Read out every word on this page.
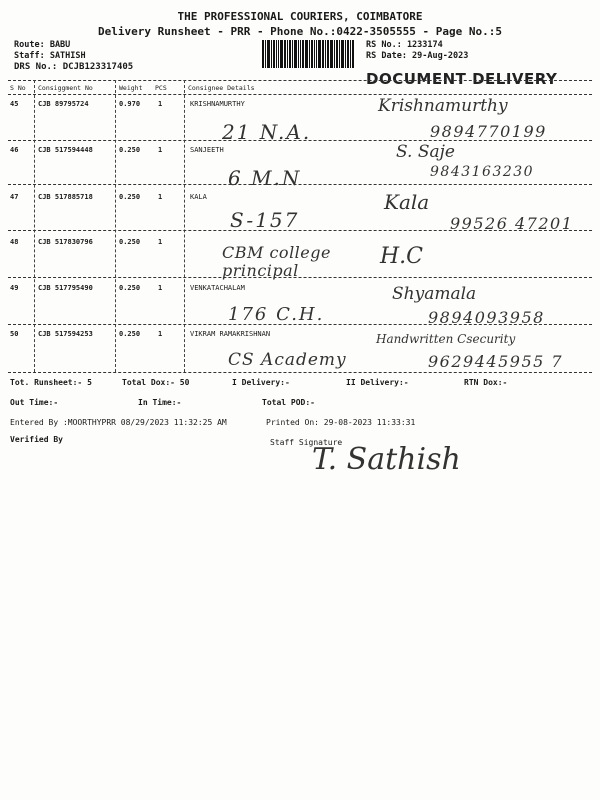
THE PROFESSIONAL COURIERS, COIMBATORE
Delivery Runsheet - PRR - Phone No.:0422-3505555 - Page No.:5
Route: BABU
Staff: SATHISH
DRS No.: DCJB123317405
RS No.: 1233174
RS Date: 29-Aug-2023
DOCUMENT DELIVERY
S No Consiggment No	Weight PCS	Consignee Details
45	CJB 89795724	0.970	1	KRISHNAMURTHY
21 N.A.
Krishnamurthy
9894770199
46	CJB 517594448	0.250	1	SANJEETH
6 M.N
S. Saje
9843163230
47	CJB 517885718	0.250	1	KALA
S-157
Kala
99526 47201
48	CJB 517830796	0.250	1
CBM college principal
H.C
49	CJB 517795490	0.250	1	VENKATACHALAM
176 C.H.
Shyamala
9894093958
50	CJB 517594253	0.250	1	VIKRAM RAMAKRISHNAN
CS Academy
Handwritten Csecurity
9629445955 7
Tot. Runsheet:- 5	Total Dox:- 50	I Delivery:-	II Delivery:-	RTN Dox:-
Out Time:-	In Time:-	Total POD:-
Entered By :MOORTHYPRR 08/29/2023 11:32:25 AM	Printed On: 29-08-2023 11:33:31
Verified By	Staff Signature
T. Sathish
